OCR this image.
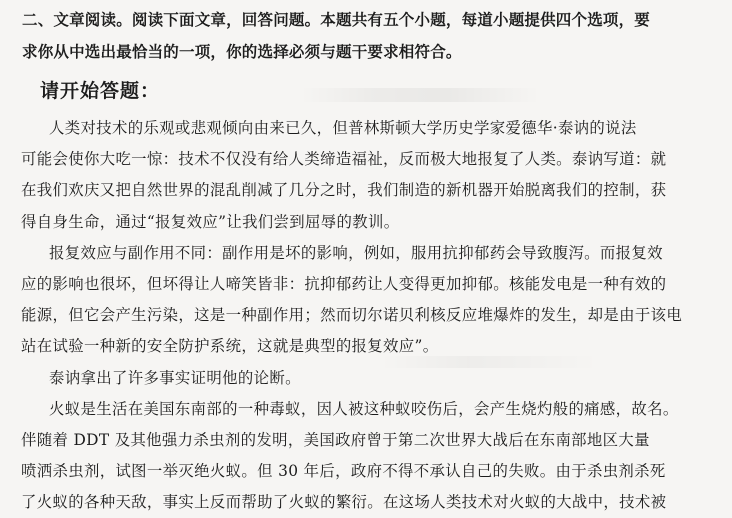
二、文章阅读。阅读下面文章，回答问题。本题共有五个小题，每道小题提供四个选项，要
求你从中选出最恰当的一项，你的选择必须与题干要求相符合。
请开始答题：
人类对技术的乐观或悲观倾向由来已久，但普林斯顿大学历史学家爱德华·泰讷的说法
可能会使你大吃一惊：技术不仅没有给人类缔造福祉，反而极大地报复了人类。泰讷写道：就
在我们欢庆又把自然世界的混乱削减了几分之时，我们制造的新机器开始脱离我们的控制，获
得自身生命，通过“报复效应”让我们尝到屈辱的教训。
报复效应与副作用不同：副作用是坏的影响，例如，服用抗抑郁药会导致腹泻。而报复效
应的影响也很坏，但坏得让人啼笑皆非：抗抑郁药让人变得更加抑郁。核能发电是一种有效的
能源，但它会产生污染，这是一种副作用；然而切尔诺贝利核反应堆爆炸的发生，却是由于该电
站在试验一种新的安全防护系统，这就是典型的报复效应”。
泰讷拿出了许多事实证明他的论断。
火蚁是生活在美国东南部的一种毒蚁，因人被这种蚁咬伤后，会产生烧灼般的痛感，故名。
伴随着 DDT 及其他强力杀虫剂的发明，美国政府曾于第二次世界大战后在东南部地区大量
喷洒杀虫剂，试图一举灭绝火蚁。但 30 年后，政府不得不承认自己的失败。由于杀虫剂杀死
了火蚁的各种天敌，事实上反而帮助了火蚁的繁衍。在这场人类技术对火蚁的大战中，技术被
